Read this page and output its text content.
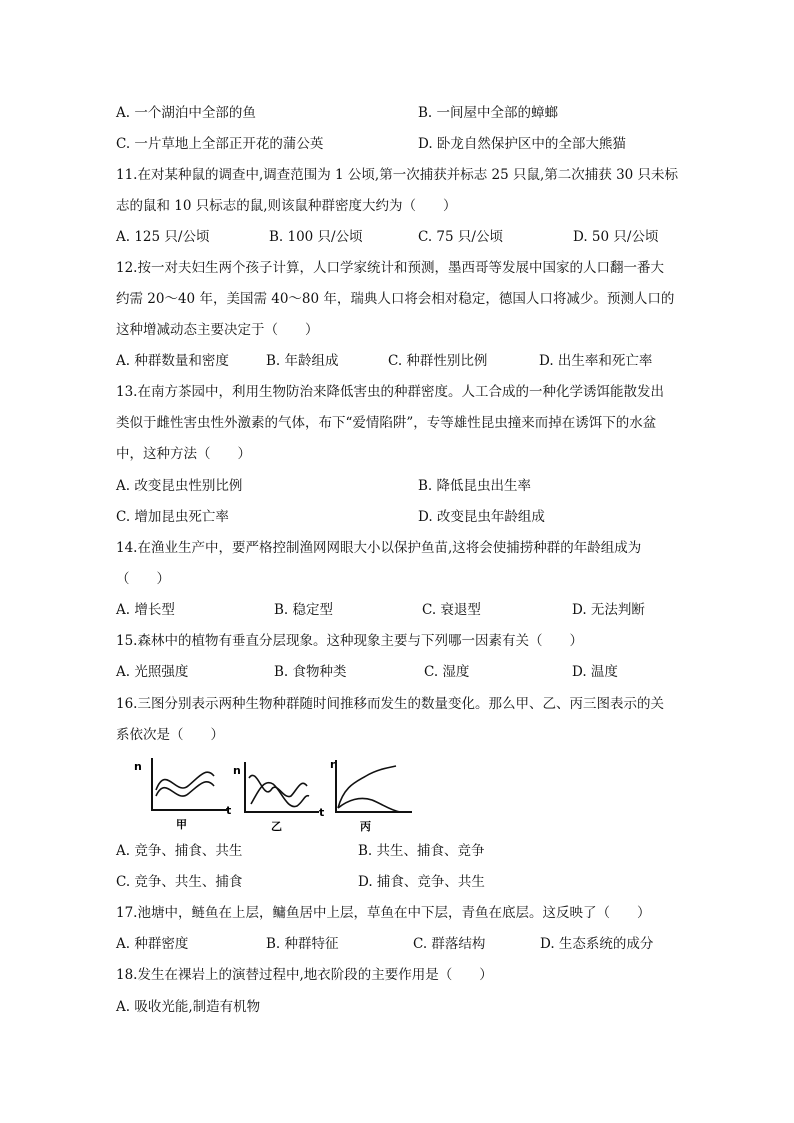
A. 一个湖泊中全部的鱼	B. 一间屋中全部的蟑螂
C. 一片草地上全部正开花的蒲公英	D. 卧龙自然保护区中的全部大熊猫
11.在对某种鼠的调查中,调查范围为 1 公顷,第一次捕获并标志 25 只鼠,第二次捕获 30 只未标
志的鼠和 10 只标志的鼠,则该鼠种群密度大约为（　　）
A. 125 只/公顷	B. 100 只/公顷	C. 75 只/公顷	D. 50 只/公顷
12.按一对夫妇生两个孩子计算，人口学家统计和预测，墨西哥等发展中国家的人口翻一番大
约需 20～40 年，美国需 40～80 年，瑞典人口将会相对稳定，德国人口将减少。预测人口的
这种增减动态主要决定于（　　）
A. 种群数量和密度	B. 年龄组成	C. 种群性别比例	D. 出生率和死亡率
13.在南方茶园中，利用生物防治来降低害虫的种群密度。人工合成的一种化学诱饵能散发出
类似于雌性害虫性外激素的气体，布下“爱情陷阱”，专等雄性昆虫撞来而掉在诱饵下的水盆
中，这种方法（　　）
A. 改变昆虫性别比例	B. 降低昆虫出生率
C. 增加昆虫死亡率	D. 改变昆虫年龄组成
14.在渔业生产中，要严格控制渔网网眼大小以保护鱼苗,这将会使捕捞种群的年龄组成为
（　　）
A. 增长型	B. 稳定型	C. 衰退型	D. 无法判断
15.森林中的植物有垂直分层现象。这种现象主要与下列哪一因素有关（　　）
A. 光照强度	B. 食物种类	C. 湿度	D. 温度
16.三图分别表示两种生物种群随时间推移而发生的数量变化。那么甲、乙、丙三图表示的关
系依次是（　　）
n
t
甲
n
t
乙
n
丙
A. 竞争、捕食、共生	B. 共生、捕食、竞争
C. 竞争、共生、捕食	D. 捕食、竞争、共生
17.池塘中，鲢鱼在上层，鳙鱼居中上层，草鱼在中下层，青鱼在底层。这反映了（　　）
A. 种群密度	B. 种群特征	C. 群落结构	D. 生态系统的成分
18.发生在裸岩上的演替过程中,地衣阶段的主要作用是（　　）
A. 吸收光能,制造有机物
